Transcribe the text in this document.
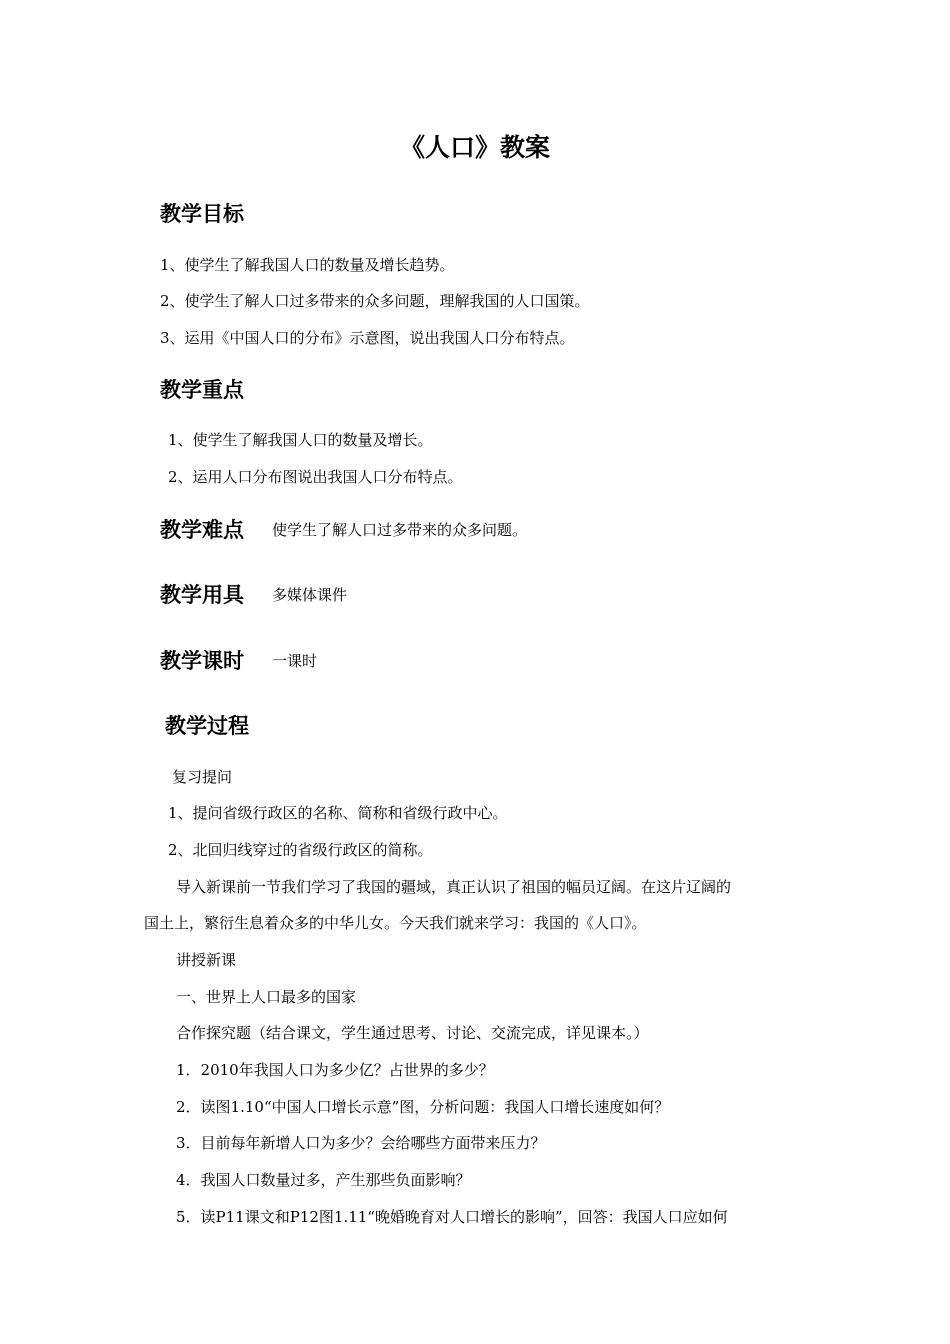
《人口》教案
教学目标
1、使学生了解我国人口的数量及增长趋势。
2、使学生了解人口过多带来的众多问题，理解我国的人口国策。
3、运用《中国人口的分布》示意图，说出我国人口分布特点。
教学重点
1、使学生了解我国人口的数量及增长。
2、运用人口分布图说出我国人口分布特点。
教学难点 使学生了解人口过多带来的众多问题。
教学用具 多媒体课件
教学课时 一课时
教学过程
复习提问
1、提问省级行政区的名称、简称和省级行政中心。
2、北回归线穿过的省级行政区的简称。
导入新课前一节我们学习了我国的疆域，真正认识了祖国的幅员辽阔。在这片辽阔的
国土上，繁衍生息着众多的中华儿女。今天我们就来学习：我国的《人口》。
讲授新课
一、世界上人口最多的国家
合作探究题（结合课文，学生通过思考、讨论、交流完成，详见课本。）
1．2010年我国人口为多少亿？占世界的多少？
2．读图1.10“中国人口增长示意”图，分析问题：我国人口增长速度如何？
3．目前每年新增人口为多少？会给哪些方面带来压力？
4．我国人口数量过多，产生那些负面影响？
5．读P11课文和P12图1.11“晚婚晚育对人口增长的影响”，回答：我国人口应如何
